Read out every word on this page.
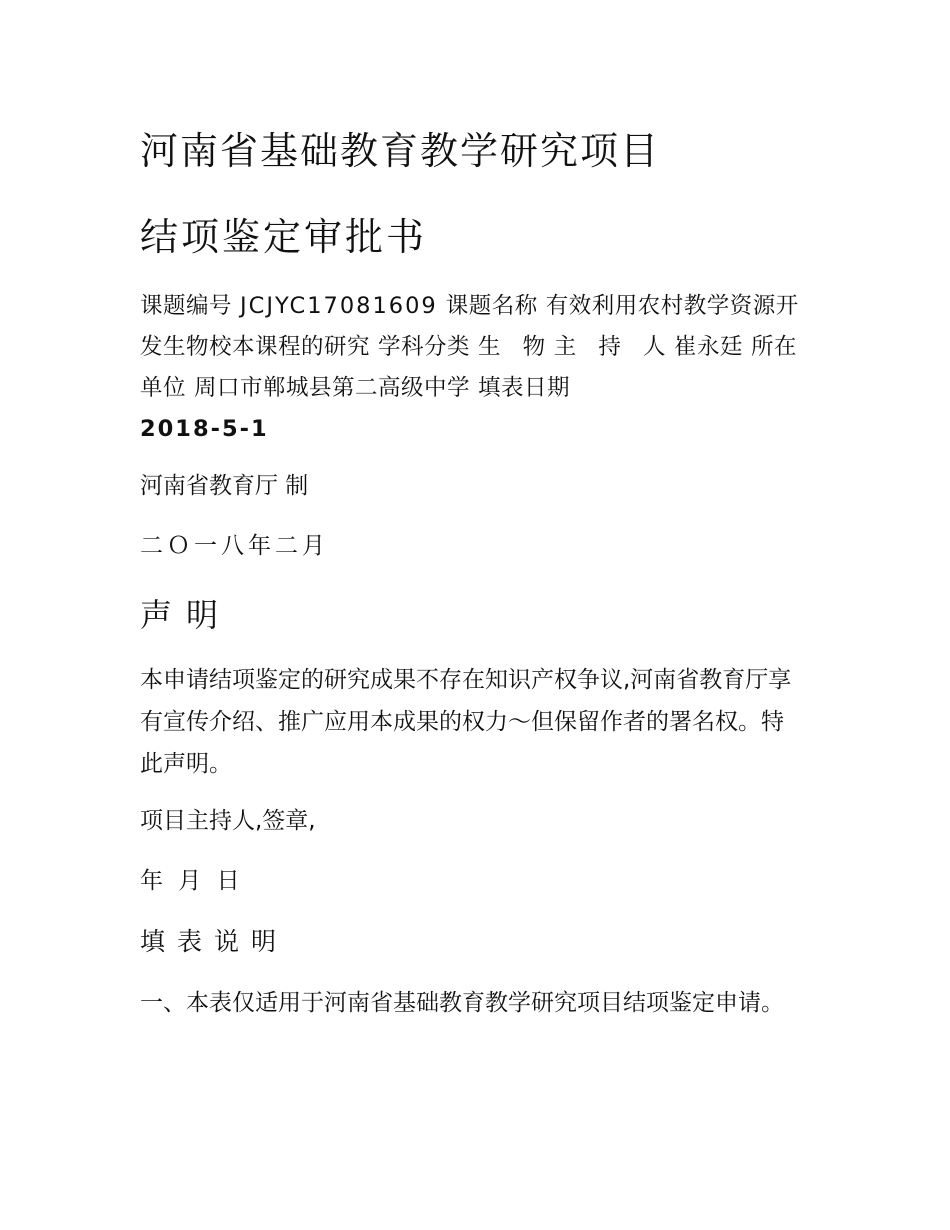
河南省基础教育教学研究项目
结项鉴定审批书
课题编号 JCJYC17081609 课题名称 有效利用农村教学资源开发生物校本课程的研究 学科分类 生 物 主 持 人 崔永廷 所在单位 周口市郸城县第二高级中学 填表日期
2018-5-1
河南省教育厅 制
二Ｏ一八年二月
声明
本申请结项鉴定的研究成果不存在知识产权争议,河南省教育厅享有宣传介绍、推广应用本成果的权力～但保留作者的署名权。特此声明。
项目主持人,签章,
年 月 日
填表说明
一、本表仅适用于河南省基础教育教学研究项目结项鉴定申请。
